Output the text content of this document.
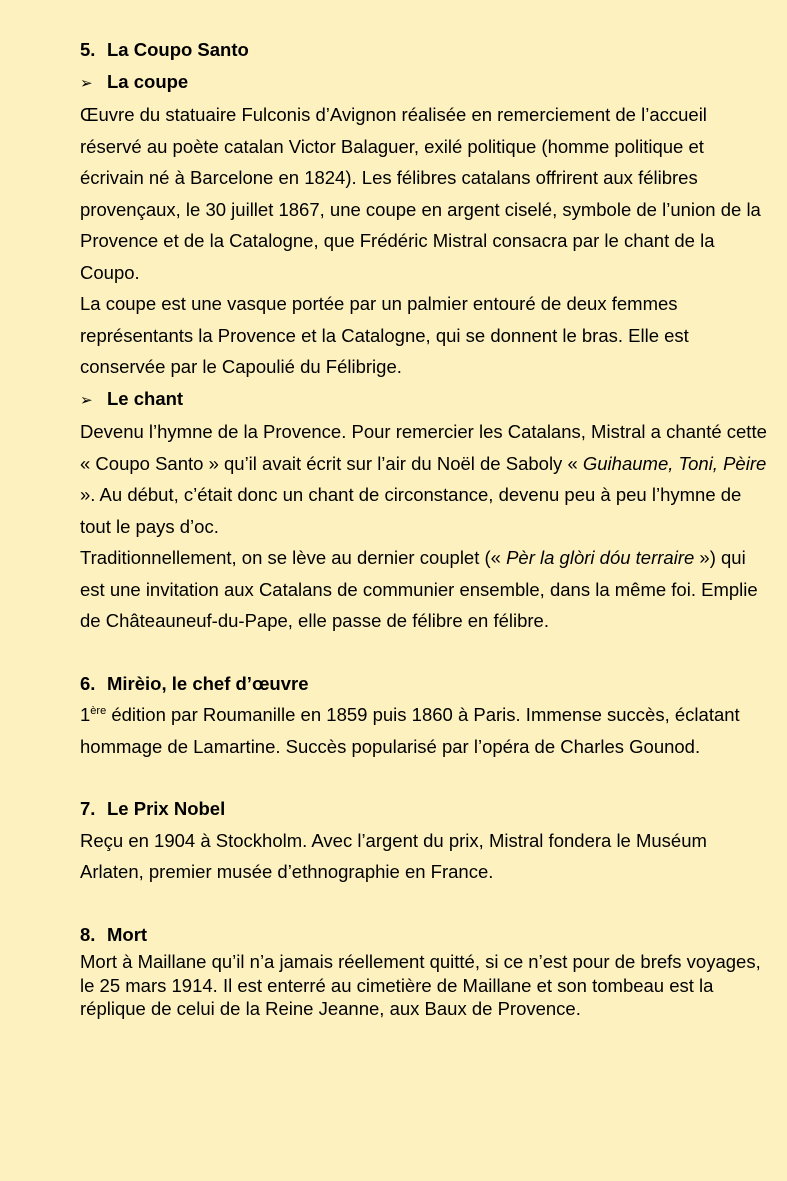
5. La Coupo Santo
➢ La coupe

Œuvre du statuaire Fulconis d’Avignon réalisée en remerciement de l’accueil réservé au poète catalan Victor Balaguer, exilé politique (homme politique et écrivain né à Barcelone en 1824). Les félibres catalans offrirent aux félibres provençaux, le 30 juillet 1867, une coupe en argent ciselé, symbole de l’union de la Provence et de la Catalogne, que Frédéric Mistral consacra par le chant de la Coupo.

La coupe est une vasque portée par un palmier entouré de deux femmes représentants la Provence et la Catalogne, qui se donnent le bras. Elle est conservée par le Capoulié du Félibrige.

➢ Le chant

Devenu l’hymne de la Provence. Pour remercier les Catalans, Mistral a chanté cette « Coupo Santo » qu’il avait écrit sur l’air du Noël de Saboly « Guihaume, Toni, Pèire ». Au début, c’était donc un chant de circonstance, devenu peu à peu l’hymne de tout le pays d’oc.

Traditionnellement, on se lève au dernier couplet (« Pèr la glòri dóu terraire ») qui est une invitation aux Catalans de communier ensemble, dans la même foi. Emplie de Châteauneuf-du-Pape, elle passe de félibre en félibre.

6. Mirèio, le chef d’œuvre

1ère édition par Roumanille en 1859 puis 1860 à Paris. Immense succès, éclatant hommage de Lamartine. Succès popularisé par l’opéra de Charles Gounod.

7. Le Prix Nobel

Reçu en 1904 à Stockholm. Avec l’argent du prix, Mistral fondera le Muséum Arlaten, premier musée d’ethnographie en France.

8. Mort

Mort à Maillane qu’il n’a jamais réellement quitté, si ce n’est pour de brefs voyages, le 25 mars 1914. Il est enterré au cimetière de Maillane et son tombeau est la réplique de celui de la Reine Jeanne, aux Baux de Provence.
